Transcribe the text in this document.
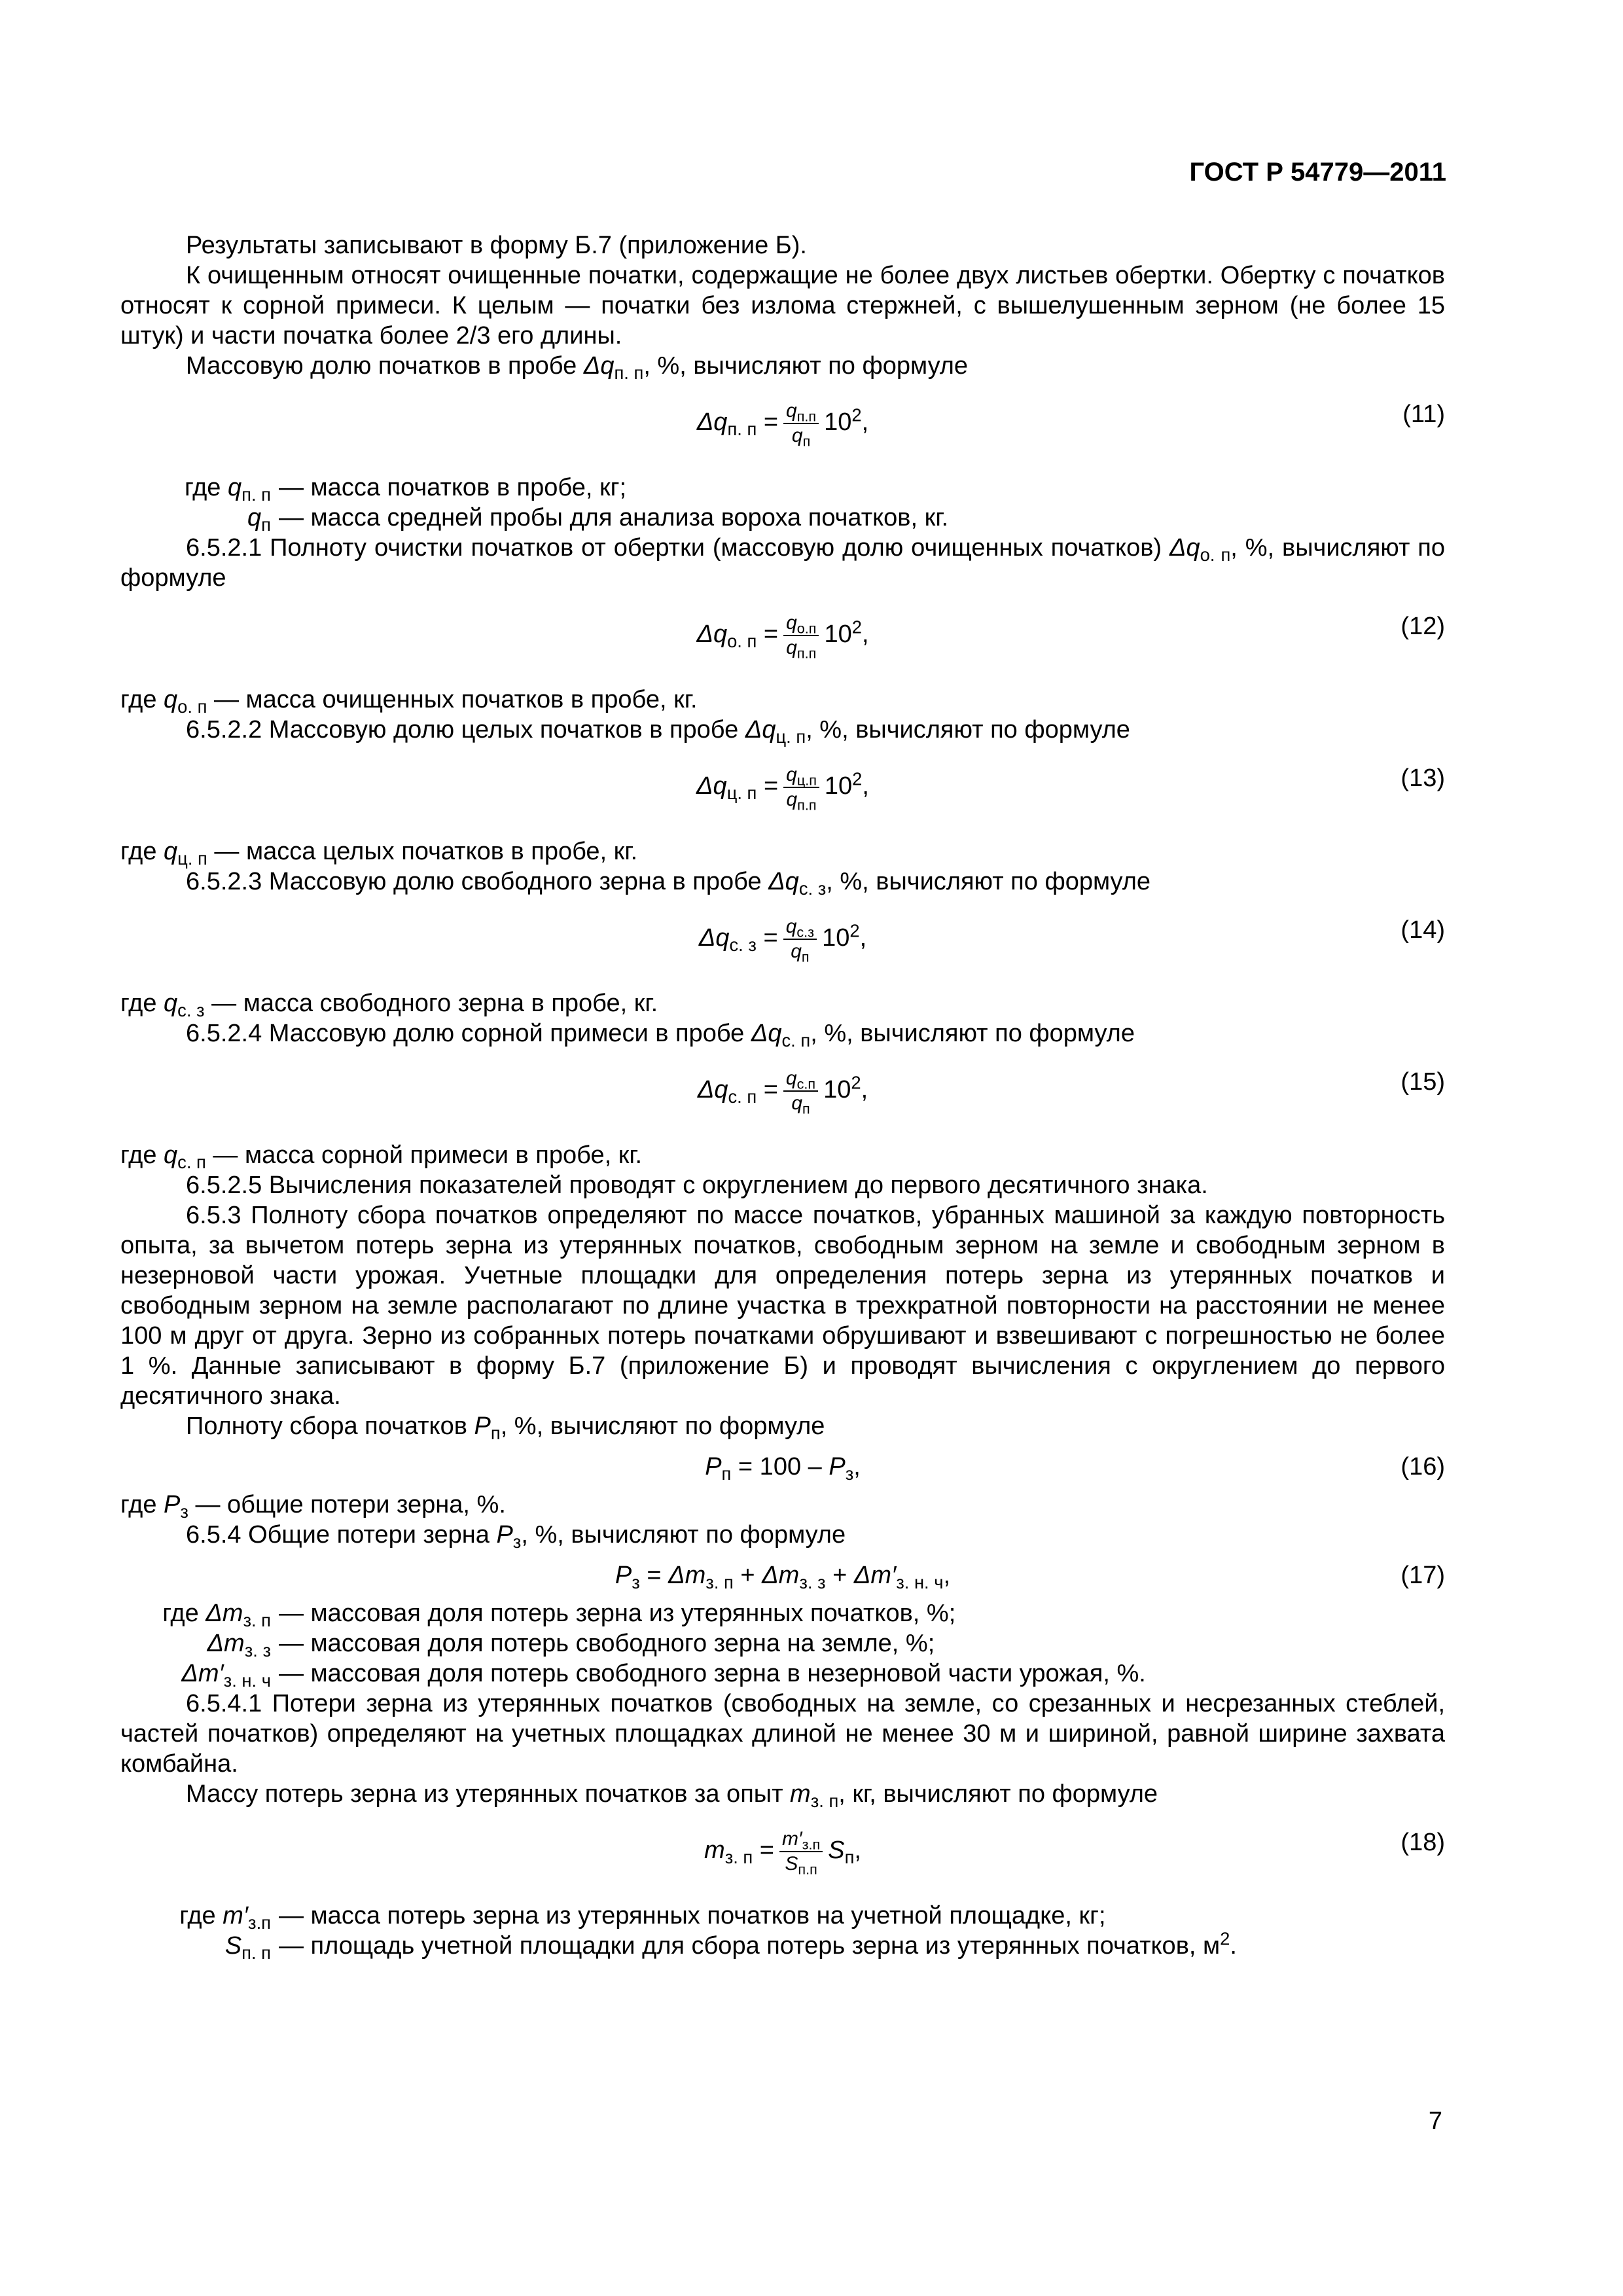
ГОСТ Р 54779—2011

Результаты записывают в форму Б.7 (приложение Б).

К очищенным относят очищенные початки, содержащие не более двух листьев обертки. Обертку с початков относят к сорной примеси. К целым — початки без излома стержней, с вышелушенным зерном (не более 15 штук) и части початка более 2/3 его длины.

Массовую долю початков в пробе $\Delta q_{п. п}$, %, вычисляют по формуле

$\Delta q_{п. п} = \frac{q_{п.п}}{q_п} 10^2$,	(11)
где $q_{п. п}$ — масса початков в пробе, кг;
$q_п$ — масса средней пробы для анализа вороха початков, кг.

6.5.2.1 Полноту очистки початков от обертки (массовую долю очищенных початков) $\Delta q_{о. п}$, %, вычисляют по формуле

$\Delta q_{о. п} = \frac{q_{о.п}}{q_{п.п}} 10^2$,	(12)

где $q_{о. п}$ — масса очищенных початков в пробе, кг.

6.5.2.2 Массовую долю целых початков в пробе $\Delta q_{ц. п}$, %, вычисляют по формуле

$\Delta q_{ц. п} = \frac{q_{ц.п}}{q_{п.п}} 10^2$,	(13)

где $q_{ц. п}$ — масса целых початков в пробе, кг.

6.5.2.3 Массовую долю свободного зерна в пробе $\Delta q_{с. з}$, %, вычисляют по формуле

$\Delta q_{с. з} = \frac{q_{с.з}}{q_п} 10^2$,	(14)

где $q_{с. з}$ — масса свободного зерна в пробе, кг.

6.5.2.4 Массовую долю сорной примеси в пробе $\Delta q_{с. п}$, %, вычисляют по формуле

$\Delta q_{с. п} = \frac{q_{с.п}}{q_п} 10^2$,	(15)

где $q_{с. п}$ — масса сорной примеси в пробе, кг.

6.5.2.5 Вычисления показателей проводят с округлением до первого десятичного знака.

6.5.3 Полноту сбора початков определяют по массе початков, убранных машиной за каждую повторность опыта, за вычетом потерь зерна из утерянных початков, свободным зерном на земле и свободным зерном в незерновой части урожая. Учетные площадки для определения потерь зерна из утерянных початков и свободным зерном на земле располагают по длине участка в трехкратной повторности на расстоянии не менее 100 м друг от друга. Зерно из собранных потерь початками обрушивают и взвешивают с погрешностью не более 1 %. Данные записывают в форму Б.7 (приложение Б) и проводят вычисления с округлением до первого десятичного знака.

Полноту сбора початков $P_п$, %, вычисляют по формуле

$P_п = 100 - P_з$,	(16)

где $P_з$ — общие потери зерна, %.

6.5.4 Общие потери зерна $P_з$, %, вычисляют по формуле

$P_з = \Delta m_{з. п} + \Delta m_{з. з} + \Delta m'_{з. н. ч}$,	(17)
где $\Delta m_{з. п}$ — массовая доля потерь зерна из утерянных початков, %;
$\Delta m_{з. з}$ — массовая доля потерь свободного зерна на земле, %;
$\Delta m'_{з. н. ч}$ — массовая доля потерь свободного зерна в незерновой части урожая, %.

6.5.4.1 Потери зерна из утерянных початков (свободных на земле, со срезанных и несрезанных стеблей, частей початков) определяют на учетных площадках длиной не менее 30 м и шириной, равной ширине захвата комбайна.

Массу потерь зерна из утерянных початков за опыт $m_{з. п}$, кг, вычисляют по формуле

$m_{з. п} = \frac{m'_{з.п}}{S_{п.п}} S_п$,	(18)
где $m'_{з.п}$ — масса потерь зерна из утерянных початков на учетной площадке, кг;
$S_{п. п}$ — площадь учетной площадки для сбора потерь зерна из утерянных початков, $м^2$.
7
